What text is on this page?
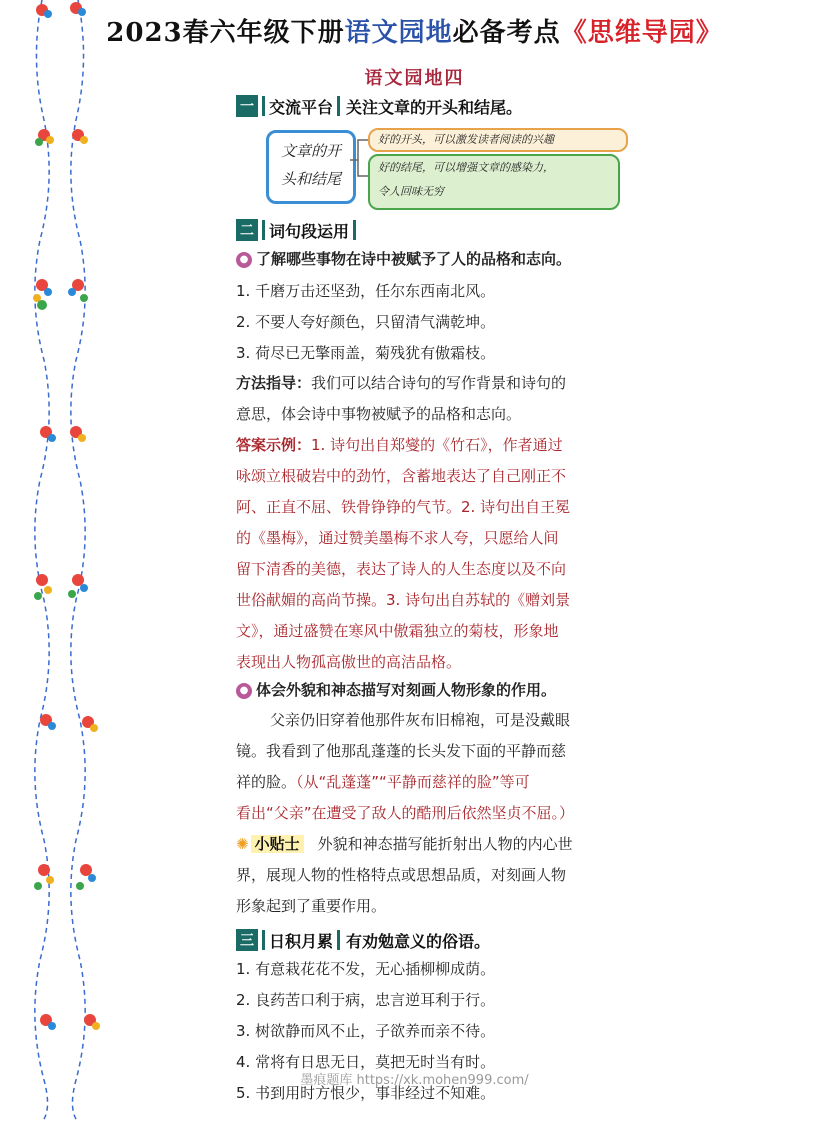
2023春六年级下册语文园地必备考点《思维导园》
语文园地四
一 交流平台 关注文章的开头和结尾。
文章的开
头和结尾
好的开头，可以激发读者阅读的兴趣
好的结尾，可以增强文章的感染力，
令人回味无穷
二 词句段运用
● 了解哪些事物在诗中被赋予了人的品格和志向。
1. 千磨万击还坚劲，任尔东西南北风。
2. 不要人夸好颜色，只留清气满乾坤。
3. 荷尽已无擎雨盖，菊残犹有傲霜枝。
方法指导：我们可以结合诗句的写作背景和诗句的
意思，体会诗中事物被赋予的品格和志向。
答案示例：1. 诗句出自郑燮的《竹石》，作者通过
咏颂立根破岩中的劲竹，含蓄地表达了自己刚正不
阿、正直不屈、铁骨铮铮的气节。2. 诗句出自王冕
的《墨梅》，通过赞美墨梅不求人夸，只愿给人间
留下清香的美德，表达了诗人的人生态度以及不向
世俗献媚的高尚节操。3. 诗句出自苏轼的《赠刘景
文》，通过盛赞在寒风中傲霜独立的菊枝，形象地
表现出人物孤高傲世的高洁品格。
● 体会外貌和神态描写对刻画人物形象的作用。
父亲仍旧穿着他那件灰布旧棉袍，可是没戴眼
镜。我看到了他那乱蓬蓬的长头发下面的平静而慈
祥的脸。（从“乱蓬蓬”“平静而慈祥的脸”等可
看出“父亲”在遭受了敌人的酷刑后依然坚贞不屈。）
✺ 小贴士 外貌和神态描写能折射出人物的内心世
界，展现人物的性格特点或思想品质，对刻画人物
形象起到了重要作用。
三 日积月累 有劝勉意义的俗语。
1. 有意栽花花不发，无心插柳柳成荫。
2. 良药苦口利于病，忠言逆耳利于行。
3. 树欲静而风不止，子欲养而亲不待。
4. 常将有日思无日，莫把无时当有时。
5. 书到用时方恨少，事非经过不知难。
墨痕题库 https://xk.mohen999.com/
